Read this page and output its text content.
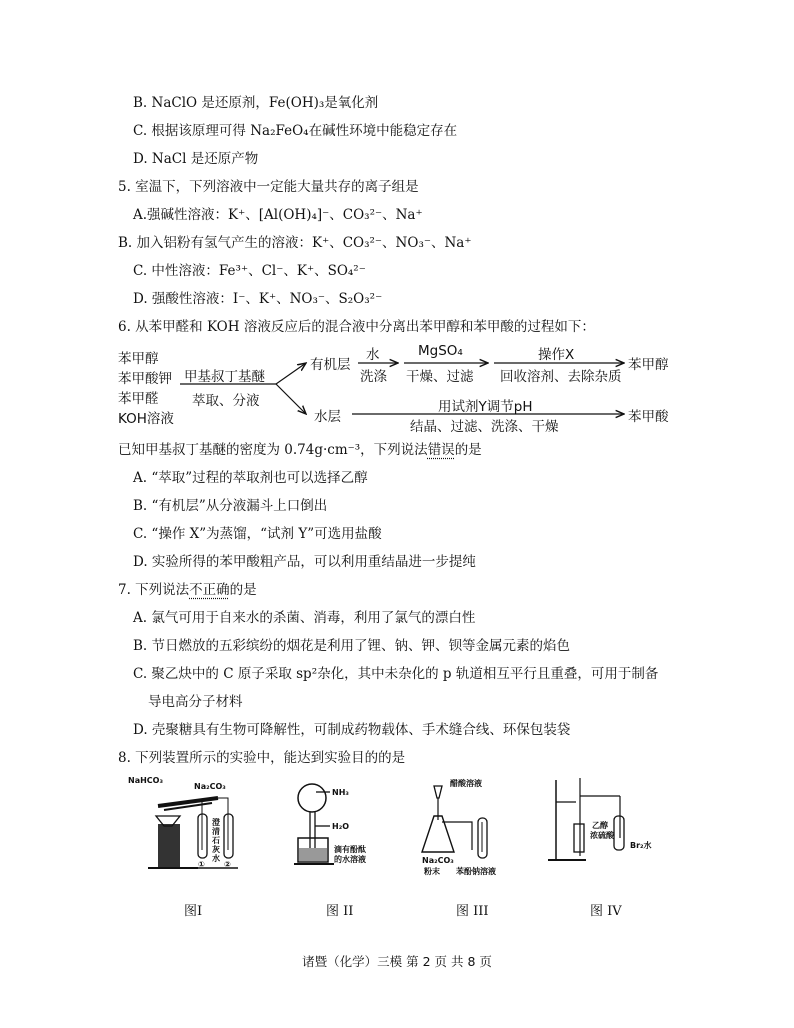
B. NaClO 是还原剂，Fe(OH)₃是氧化剂
C. 根据该原理可得 Na₂FeO₄在碱性环境中能稳定存在
D. NaCl 是还原产物
5. 室温下，下列溶液中一定能大量共存的离子组是
A.强碱性溶液：K⁺、[Al(OH)₄]⁻、CO₃²⁻、Na⁺
B. 加入铝粉有氢气产生的溶液：K⁺、CO₃²⁻、NO₃⁻、Na⁺
C. 中性溶液：Fe³⁺、Cl⁻、K⁺、SO₄²⁻
D. 强酸性溶液：I⁻、K⁺、NO₃⁻、S₂O₃²⁻
6. 从苯甲醛和 KOH 溶液反应后的混合液中分离出苯甲醇和苯甲酸的过程如下：
苯甲醇
苯甲酸钾
苯甲醛
KOH溶液
甲基叔丁基醚
萃取、分液
有机层
水
洗涤
MgSO₄
干燥、过滤
操作X
回收溶剂、去除杂质
苯甲醇
水层
用试剂Y调节pH
结晶、过滤、洗涤、干燥
苯甲酸
已知甲基叔丁基醚的密度为 0.74g·cm⁻³，下列说法错误的是
A. “萃取”过程的萃取剂也可以选择乙醇
B. “有机层”从分液漏斗上口倒出
C. “操作 X”为蒸馏，“试剂 Y”可选用盐酸
D. 实验所得的苯甲酸粗产品，可以利用重结晶进一步提纯
7. 下列说法不正确的是
A. 氯气可用于自来水的杀菌、消毒，利用了氯气的漂白性
B. 节日燃放的五彩缤纷的烟花是利用了锂、钠、钾、钡等金属元素的焰色
C. 聚乙炔中的 C 原子采取 sp²杂化，其中未杂化的 p 轨道相互平行且重叠，可用于制备
导电高分子材料
D. 壳聚糖具有生物可降解性，可制成药物载体、手术缝合线、环保包装袋
8. 下列装置所示的实验中，能达到实验目的的是
NaHCO₃
Na₂CO₃
澄清石灰水
① ②
图I
NH₃
H₂O
滴有酚酞
的水溶液
图 II
醋酸溶液
Na₂CO₃
粉末 苯酚钠溶液
图 III
乙醇
浓硫酸
Br₂水
图 IV
诸暨（化学）三模 第 2 页 共 8 页
